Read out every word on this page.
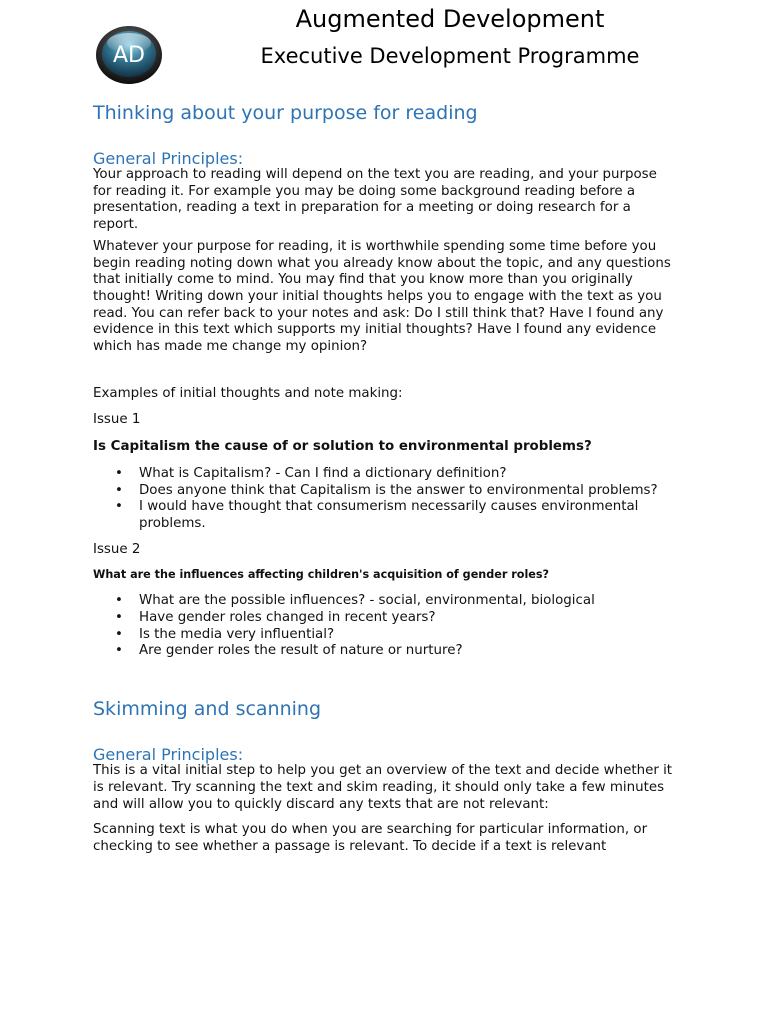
AD
Augmented Development
Executive Development Programme
Thinking about your purpose for reading
General Principles:

Your approach to reading will depend on the text you are reading, and your purpose for reading it. For example you may be doing some background reading before a presentation, reading a text in preparation for a meeting or doing research for a report.

Whatever your purpose for reading, it is worthwhile spending some time before you begin reading noting down what you already know about the topic, and any questions that initially come to mind. You may find that you know more than you originally thought! Writing down your initial thoughts helps you to engage with the text as you read. You can refer back to your notes and ask: Do I still think that? Have I found any evidence in this text which supports my initial thoughts? Have I found any evidence which has made me change my opinion?

Examples of initial thoughts and note making:

Issue 1

Is Capitalism the cause of or solution to environmental problems?

• What is Capitalism? - Can I find a dictionary definition?
• Does anyone think that Capitalism is the answer to environmental problems?
• I would have thought that consumerism necessarily causes environmental problems.

Issue 2

What are the influences affecting children's acquisition of gender roles?

• What are the possible influences? - social, environmental, biological
• Have gender roles changed in recent years?
• Is the media very influential?
• Are gender roles the result of nature or nurture?
Skimming and scanning
General Principles:

This is a vital initial step to help you get an overview of the text and decide whether it is relevant. Try scanning the text and skim reading, it should only take a few minutes and will allow you to quickly discard any texts that are not relevant:

Scanning text is what you do when you are searching for particular information, or checking to see whether a passage is relevant. To decide if a text is relevant
